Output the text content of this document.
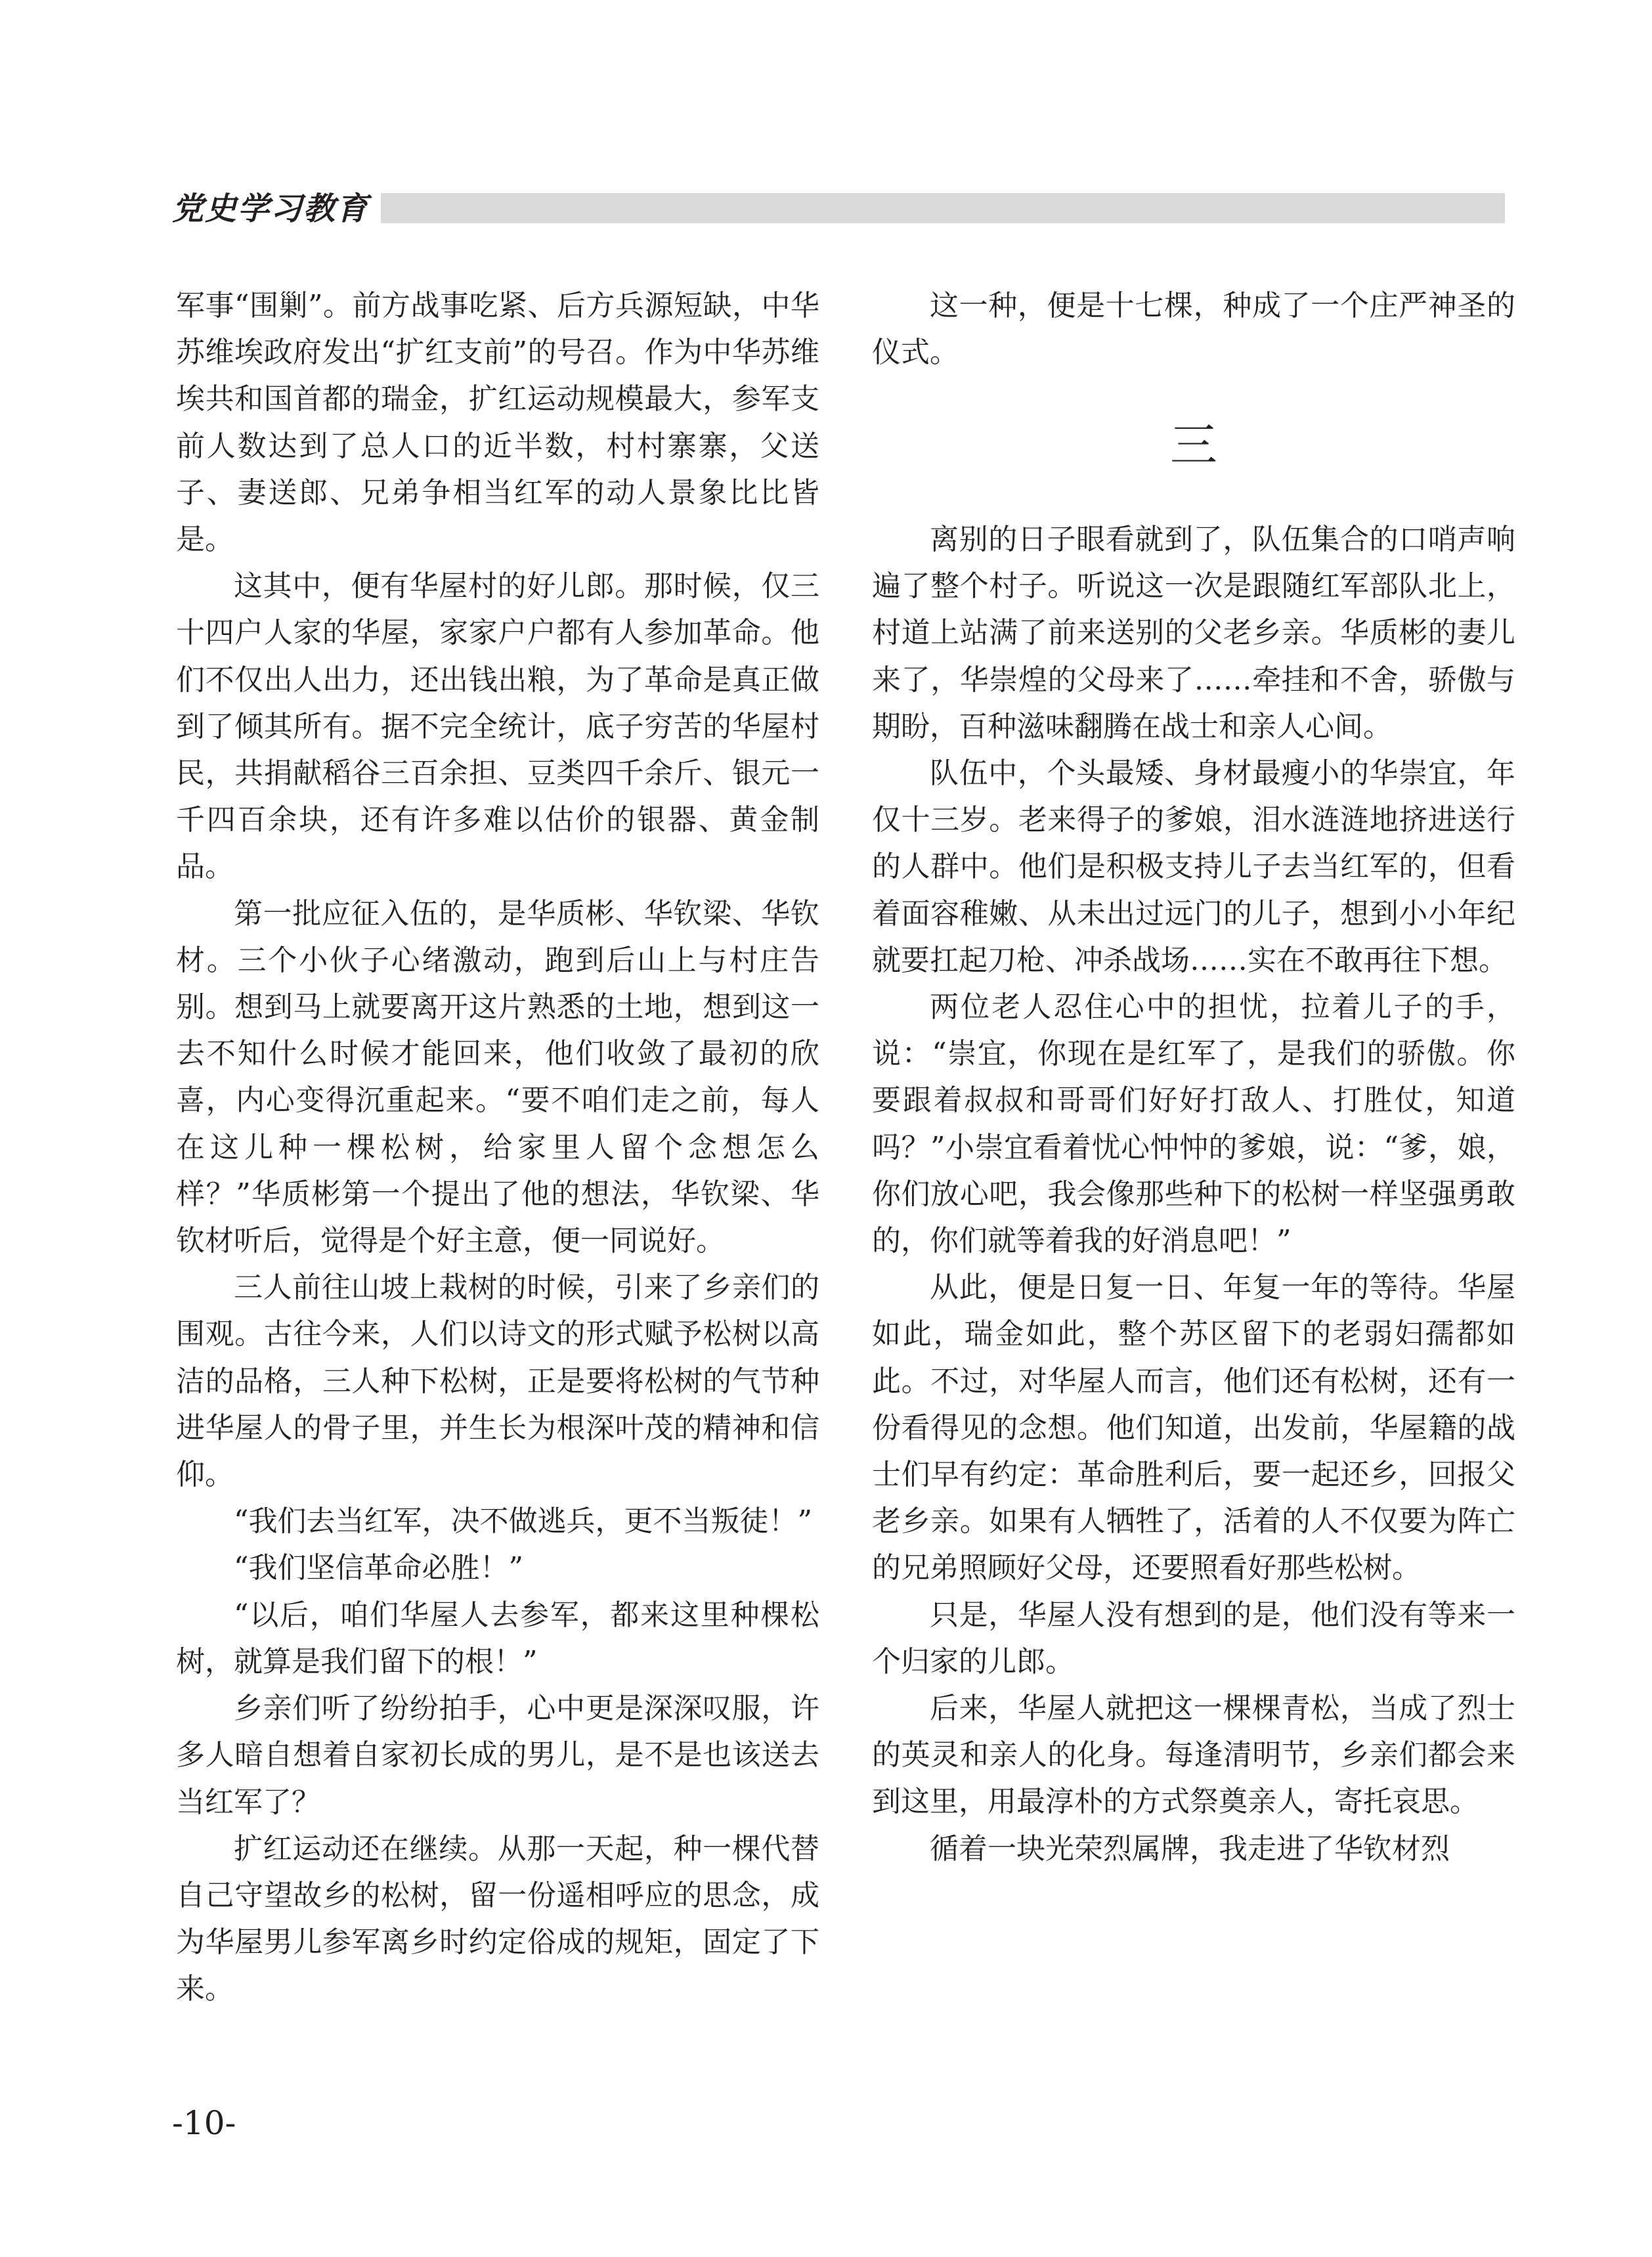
党史学习教育

军事“围剿”。前方战事吃紧、后方兵源短缺，中华苏维埃政府发出“扩红支前”的号召。作为中华苏维埃共和国首都的瑞金，扩红运动规模最大，参军支前人数达到了总人口的近半数，村村寨寨，父送子、妻送郎、兄弟争相当红军的动人景象比比皆是。

这其中，便有华屋村的好儿郎。那时候，仅三十四户人家的华屋，家家户户都有人参加革命。他们不仅出人出力，还出钱出粮，为了革命是真正做到了倾其所有。据不完全统计，底子穷苦的华屋村民，共捐献稻谷三百余担、豆类四千余斤、银元一千四百余块，还有许多难以估价的银器、黄金制品。

第一批应征入伍的，是华质彬、华钦梁、华钦材。三个小伙子心绪激动，跑到后山上与村庄告别。想到马上就要离开这片熟悉的土地，想到这一去不知什么时候才能回来，他们收敛了最初的欣喜，内心变得沉重起来。“要不咱们走之前，每人在这儿种一棵松树，给家里人留个念想怎么样？”华质彬第一个提出了他的想法，华钦梁、华钦材听后，觉得是个好主意，便一同说好。

三人前往山坡上栽树的时候，引来了乡亲们的围观。古往今来，人们以诗文的形式赋予松树以高洁的品格，三人种下松树，正是要将松树的气节种进华屋人的骨子里，并生长为根深叶茂的精神和信仰。

“我们去当红军，决不做逃兵，更不当叛徒！”

“我们坚信革命必胜！”

“以后，咱们华屋人去参军，都来这里种棵松树，就算是我们留下的根！”

乡亲们听了纷纷拍手，心中更是深深叹服，许多人暗自想着自家初长成的男儿，是不是也该送去当红军了？

扩红运动还在继续。从那一天起，种一棵代替自己守望故乡的松树，留一份遥相呼应的思念，成为华屋男儿参军离乡时约定俗成的规矩，固定了下来。

这一种，便是十七棵，种成了一个庄严神圣的仪式。

三

离别的日子眼看就到了，队伍集合的口哨声响遍了整个村子。听说这一次是跟随红军部队北上，村道上站满了前来送别的父老乡亲。华质彬的妻儿来了，华崇煌的父母来了……牵挂和不舍，骄傲与期盼，百种滋味翻腾在战士和亲人心间。

队伍中，个头最矮、身材最瘦小的华崇宜，年仅十三岁。老来得子的爹娘，泪水涟涟地挤进送行的人群中。他们是积极支持儿子去当红军的，但看着面容稚嫩、从未出过远门的儿子，想到小小年纪就要扛起刀枪、冲杀战场……实在不敢再往下想。

两位老人忍住心中的担忧，拉着儿子的手，说：“崇宜，你现在是红军了，是我们的骄傲。你要跟着叔叔和哥哥们好好打敌人、打胜仗，知道吗？”小崇宜看着忧心忡忡的爹娘，说：“爹，娘，你们放心吧，我会像那些种下的松树一样坚强勇敢的，你们就等着我的好消息吧！”

从此，便是日复一日、年复一年的等待。华屋如此，瑞金如此，整个苏区留下的老弱妇孺都如此。不过，对华屋人而言，他们还有松树，还有一份看得见的念想。他们知道，出发前，华屋籍的战士们早有约定：革命胜利后，要一起还乡，回报父老乡亲。如果有人牺牲了，活着的人不仅要为阵亡的兄弟照顾好父母，还要照看好那些松树。

只是，华屋人没有想到的是，他们没有等来一个归家的儿郎。

后来，华屋人就把这一棵棵青松，当成了烈士的英灵和亲人的化身。每逢清明节，乡亲们都会来到这里，用最淳朴的方式祭奠亲人，寄托哀思。

循着一块光荣烈属牌，我走进了华钦材烈

-10-
